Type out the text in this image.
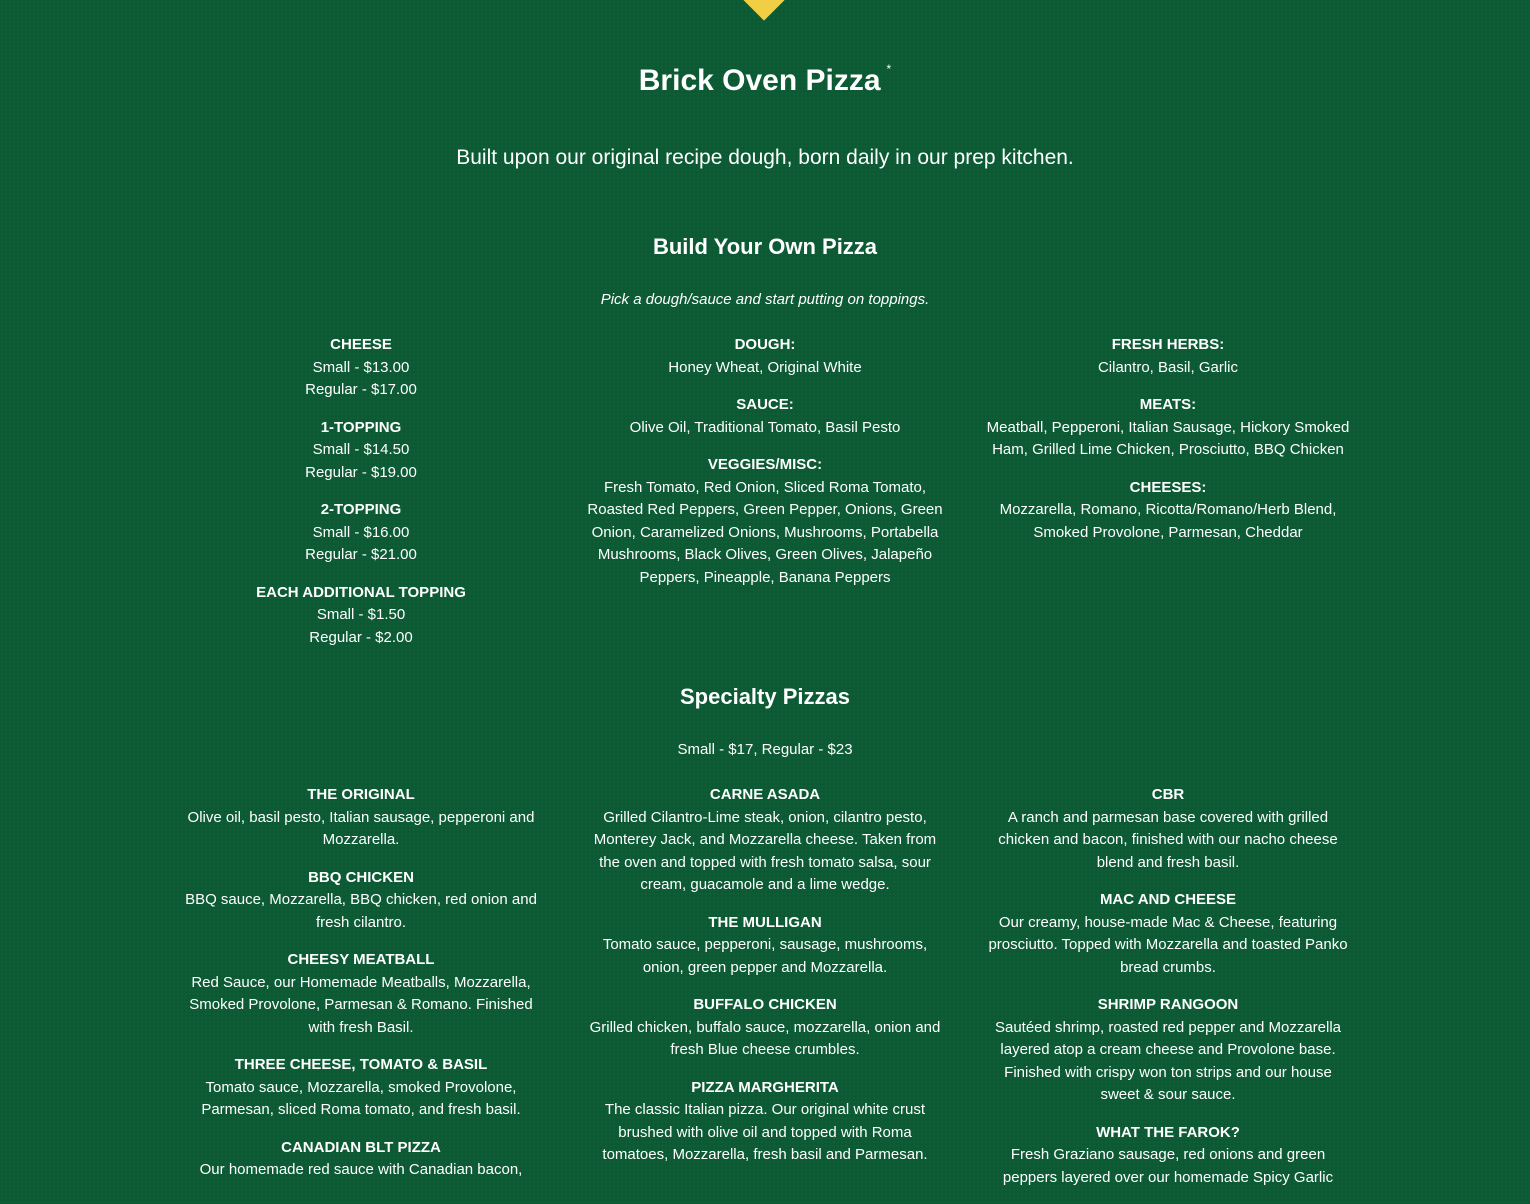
Brick Oven Pizza *
Built upon our original recipe dough, born daily in our prep kitchen.
Build Your Own Pizza
Pick a dough/sauce and start putting on toppings.
CHEESE
Small - $13.00
Regular - $17.00
1-TOPPING
Small - $14.50
Regular - $19.00
2-TOPPING
Small - $16.00
Regular - $21.00
EACH ADDITIONAL TOPPING
Small - $1.50
Regular - $2.00
DOUGH:
Honey Wheat, Original White
SAUCE:
Olive Oil, Traditional Tomato, Basil Pesto
VEGGIES/MISC:
Fresh Tomato, Red Onion, Sliced Roma Tomato, Roasted Red Peppers, Green Pepper, Onions, Green Onion, Caramelized Onions, Mushrooms, Portabella Mushrooms, Black Olives, Green Olives, Jalapeño Peppers, Pineapple, Banana Peppers
FRESH HERBS:
Cilantro, Basil, Garlic
MEATS:
Meatball, Pepperoni, Italian Sausage, Hickory Smoked Ham, Grilled Lime Chicken, Prosciutto, BBQ Chicken
CHEESES:
Mozzarella, Romano, Ricotta/Romano/Herb Blend, Smoked Provolone, Parmesan, Cheddar
Specialty Pizzas
Small - $17, Regular - $23
THE ORIGINAL
Olive oil, basil pesto, Italian sausage, pepperoni and Mozzarella.
BBQ CHICKEN
BBQ sauce, Mozzarella, BBQ chicken, red onion and fresh cilantro.
CHEESY MEATBALL
Red Sauce, our Homemade Meatballs, Mozzarella, Smoked Provolone, Parmesan & Romano. Finished with fresh Basil.
THREE CHEESE, TOMATO & BASIL
Tomato sauce, Mozzarella, smoked Provolone, Parmesan, sliced Roma tomato, and fresh basil.
CANADIAN BLT PIZZA
Our homemade red sauce with Canadian bacon,
CARNE ASADA
Grilled Cilantro-Lime steak, onion, cilantro pesto, Monterey Jack, and Mozzarella cheese. Taken from the oven and topped with fresh tomato salsa, sour cream, guacamole and a lime wedge.
THE MULLIGAN
Tomato sauce, pepperoni, sausage, mushrooms, onion, green pepper and Mozzarella.
BUFFALO CHICKEN
Grilled chicken, buffalo sauce, mozzarella, onion and fresh Blue cheese crumbles.
PIZZA MARGHERITA
The classic Italian pizza. Our original white crust brushed with olive oil and topped with Roma tomatoes, Mozzarella, fresh basil and Parmesan.
CBR
A ranch and parmesan base covered with grilled chicken and bacon, finished with our nacho cheese blend and fresh basil.
MAC AND CHEESE
Our creamy, house-made Mac & Cheese, featuring prosciutto. Topped with Mozzarella and toasted Panko bread crumbs.
SHRIMP RANGOON
Sautéed shrimp, roasted red pepper and Mozzarella layered atop a cream cheese and Provolone base. Finished with crispy won ton strips and our house sweet & sour sauce.
WHAT THE FAROK?
Fresh Graziano sausage, red onions and green peppers layered over our homemade Spicy Garlic
